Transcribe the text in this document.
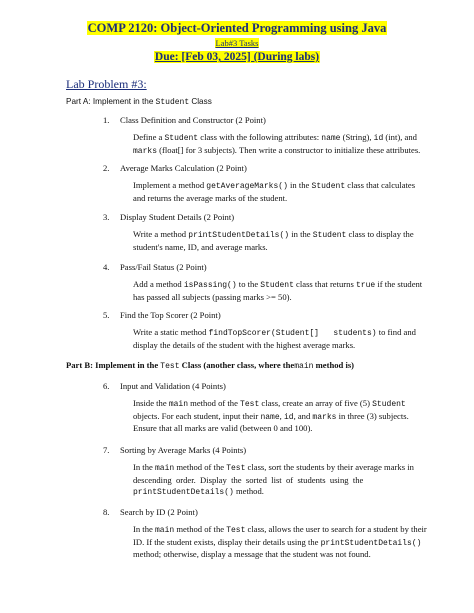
COMP 2120: Object-Oriented Programming using Java
Lab#3 Tasks
Due: [Feb 03, 2025] (During labs)
Lab Problem #3:
Part A: Implement in the Student Class
1. Class Definition and Constructor (2 Point)
Define a Student class with the following attributes: name (String), id (int), and
marks (float[] for 3 subjects). Then write a constructor to initialize these attributes.
2. Average Marks Calculation (2 Point)
Implement a method getAverageMarks() in the Student class that calculates
and returns the average marks of the student.
3. Display Student Details (2 Point)
Write a method printStudentDetails() in the Student class to display the
student's name, ID, and average marks.
4. Pass/Fail Status (2 Point)
Add a method isPassing() to the Student class that returns true if the student
has passed all subjects (passing marks >= 50).
5. Find the Top Scorer (2 Point)
Write a static method findTopScorer(Student[]   students) to find and
display the details of the student with the highest average marks.
Part B: Implement in the Test Class (another class, where themain method is)
6. Input and Validation (4 Points)
Inside the main method of the Test class, create an array of five (5) Student
objects. For each student, input their name, id, and marks in three (3) subjects.
Ensure that all marks are valid (between 0 and 100).
7. Sorting by Average Marks (4 Points)
In the main method of the Test class, sort the students by their average marks in
descending  order.  Display  the  sorted  list  of  students  using  the
printStudentDetails() method.
8. Search by ID (2 Point)
In the main method of the Test class, allows the user to search for a student by their
ID. If the student exists, display their details using the printStudentDetails()
method; otherwise, display a message that the student was not found.
